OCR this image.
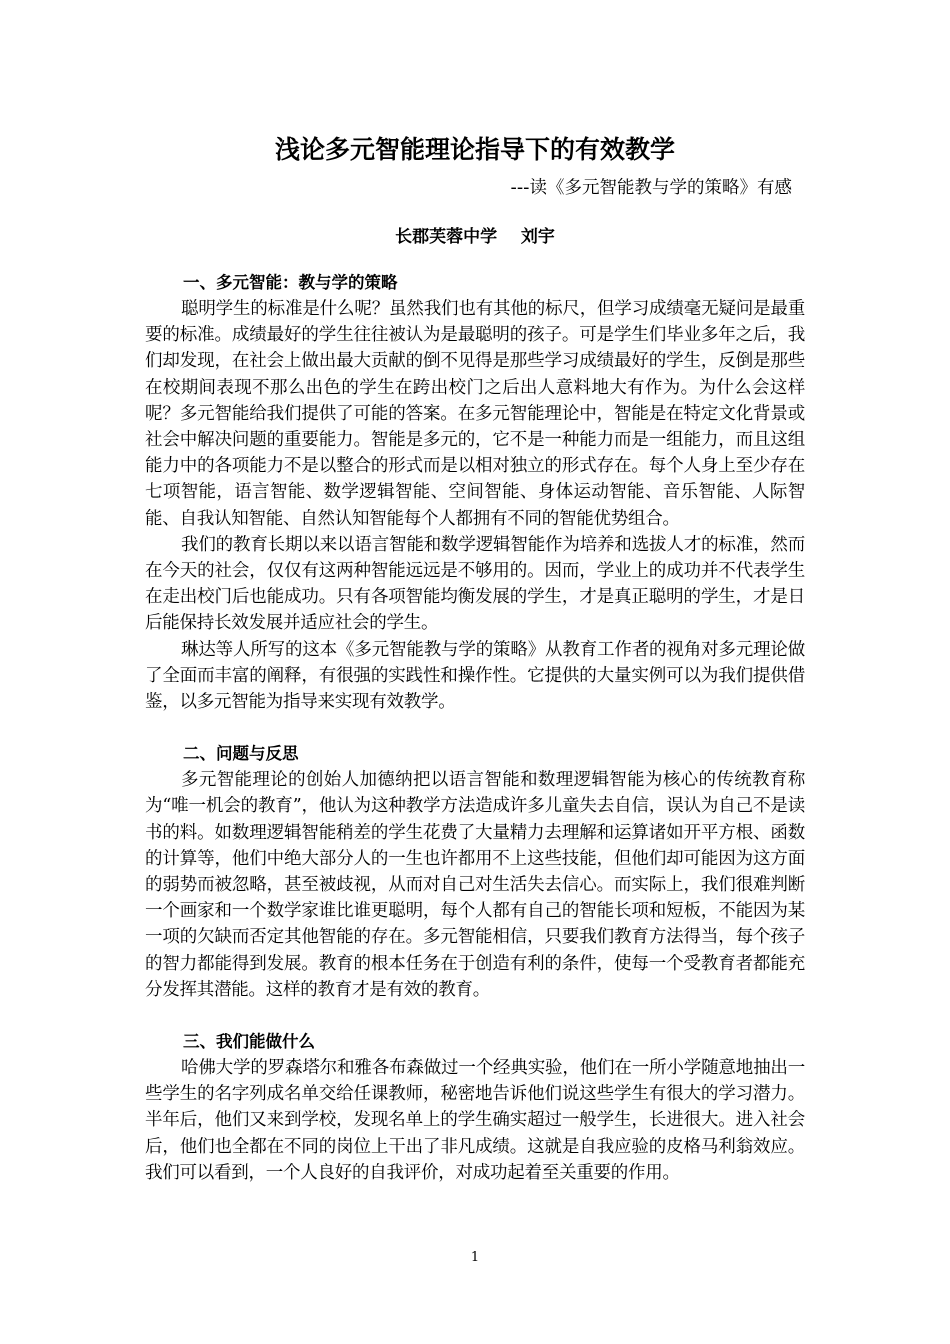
浅论多元智能理论指导下的有效教学
---读《多元智能教与学的策略》有感
长郡芙蓉中学 刘宇
一、多元智能：教与学的策略

聪明学生的标准是什么呢？虽然我们也有其他的标尺，但学习成绩毫无疑问是最重要的标准。成绩最好的学生往往被认为是最聪明的孩子。可是学生们毕业多年之后，我们却发现，在社会上做出最大贡献的倒不见得是那些学习成绩最好的学生，反倒是那些在校期间表现不那么出色的学生在跨出校门之后出人意料地大有作为。为什么会这样呢？多元智能给我们提供了可能的答案。在多元智能理论中，智能是在特定文化背景或社会中解决问题的重要能力。智能是多元的，它不是一种能力而是一组能力，而且这组能力中的各项能力不是以整合的形式而是以相对独立的形式存在。每个人身上至少存在七项智能，语言智能、数学逻辑智能、空间智能、身体运动智能、音乐智能、人际智能、自我认知智能、自然认知智能每个人都拥有不同的智能优势组合。

我们的教育长期以来以语言智能和数学逻辑智能作为培养和选拔人才的标准，然而在今天的社会，仅仅有这两种智能远远是不够用的。因而，学业上的成功并不代表学生在走出校门后也能成功。只有各项智能均衡发展的学生，才是真正聪明的学生，才是日后能保持长效发展并适应社会的学生。

琳达等人所写的这本《多元智能教与学的策略》从教育工作者的视角对多元理论做了全面而丰富的阐释，有很强的实践性和操作性。它提供的大量实例可以为我们提供借鉴，以多元智能为指导来实现有效教学。

二、问题与反思

多元智能理论的创始人加德纳把以语言智能和数理逻辑智能为核心的传统教育称为“唯一机会的教育”，他认为这种教学方法造成许多儿童失去自信，误认为自己不是读书的料。如数理逻辑智能稍差的学生花费了大量精力去理解和运算诸如开平方根、函数的计算等，他们中绝大部分人的一生也许都用不上这些技能，但他们却可能因为这方面的弱势而被忽略，甚至被歧视，从而对自己对生活失去信心。而实际上，我们很难判断一个画家和一个数学家谁比谁更聪明，每个人都有自己的智能长项和短板，不能因为某一项的欠缺而否定其他智能的存在。多元智能相信，只要我们教育方法得当，每个孩子的智力都能得到发展。教育的根本任务在于创造有利的条件，使每一个受教育者都能充分发挥其潜能。这样的教育才是有效的教育。

三、我们能做什么

哈佛大学的罗森塔尔和雅各布森做过一个经典实验，他们在一所小学随意地抽出一些学生的名字列成名单交给任课教师，秘密地告诉他们说这些学生有很大的学习潜力。半年后，他们又来到学校，发现名单上的学生确实超过一般学生，长进很大。进入社会后，他们也全都在不同的岗位上干出了非凡成绩。这就是自我应验的皮格马利翁效应。我们可以看到，一个人良好的自我评价，对成功起着至关重要的作用。

1
